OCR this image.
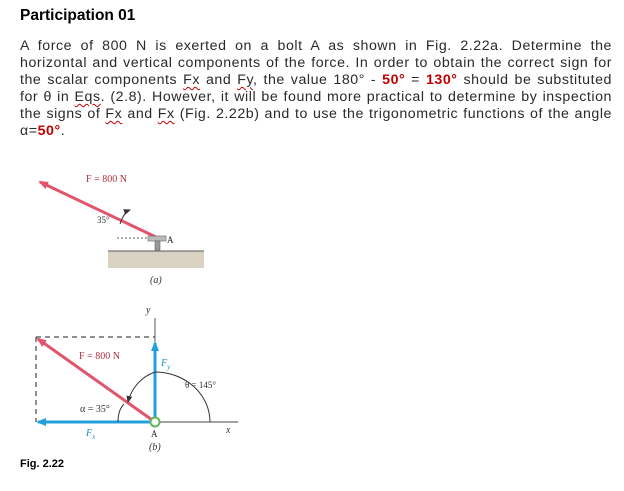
Participation 01
A force of 800 N is exerted on a bolt A as shown in Fig. 2.22a. Determine the horizontal and vertical components of the force. In order to obtain the correct sign for the scalar components Fx and Fy, the value 180° - 50° = 130° should be substituted for θ in Eqs. (2.8). However, it will be found more practical to determine by inspection the signs of Fx and Fx (Fig. 2.22b) and to use the trigonometric functions of the angle α=50°.
F = 800 N
35°
A
(a)
y
x
F = 800 N
$F_y$
θ = 145°
α = 35°
$F_x$	A
(b)
Fig. 2.22
